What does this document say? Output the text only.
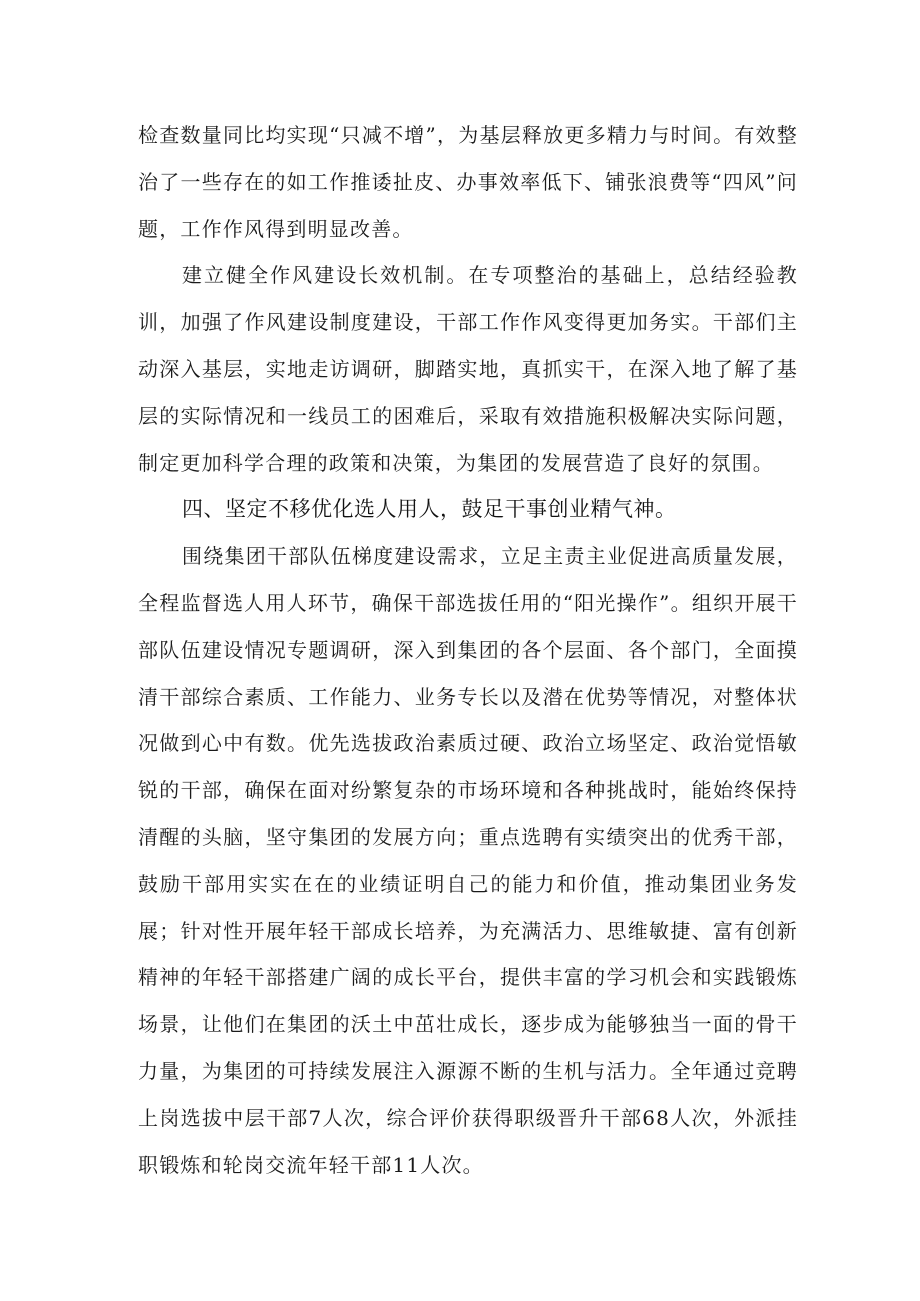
检查数量同比均实现“只减不增”，为基层释放更多精力与时间。有效整治了一些存在的如工作推诿扯皮、办事效率低下、铺张浪费等“四风”问题，工作作风得到明显改善。

建立健全作风建设长效机制。在专项整治的基础上，总结经验教训，加强了作风建设制度建设，干部工作作风变得更加务实。干部们主动深入基层，实地走访调研，脚踏实地，真抓实干，在深入地了解了基层的实际情况和一线员工的困难后，采取有效措施积极解决实际问题，制定更加科学合理的政策和决策，为集团的发展营造了良好的氛围。

四、坚定不移优化选人用人，鼓足干事创业精气神。

围绕集团干部队伍梯度建设需求，立足主责主业促进高质量发展，全程监督选人用人环节，确保干部选拔任用的“阳光操作”。组织开展干部队伍建设情况专题调研，深入到集团的各个层面、各个部门，全面摸清干部综合素质、工作能力、业务专长以及潜在优势等情况，对整体状况做到心中有数。优先选拔政治素质过硬、政治立场坚定、政治觉悟敏锐的干部，确保在面对纷繁复杂的市场环境和各种挑战时，能始终保持清醒的头脑，坚守集团的发展方向；重点选聘有实绩突出的优秀干部，鼓励干部用实实在在的业绩证明自己的能力和价值，推动集团业务发展；针对性开展年轻干部成长培养，为充满活力、思维敏捷、富有创新精神的年轻干部搭建广阔的成长平台，提供丰富的学习机会和实践锻炼场景，让他们在集团的沃土中茁壮成长，逐步成为能够独当一面的骨干力量，为集团的可持续发展注入源源不断的生机与活力。全年通过竞聘上岗选拔中层干部7人次，综合评价获得职级晋升干部68人次，外派挂职锻炼和轮岗交流年轻干部11人次。
